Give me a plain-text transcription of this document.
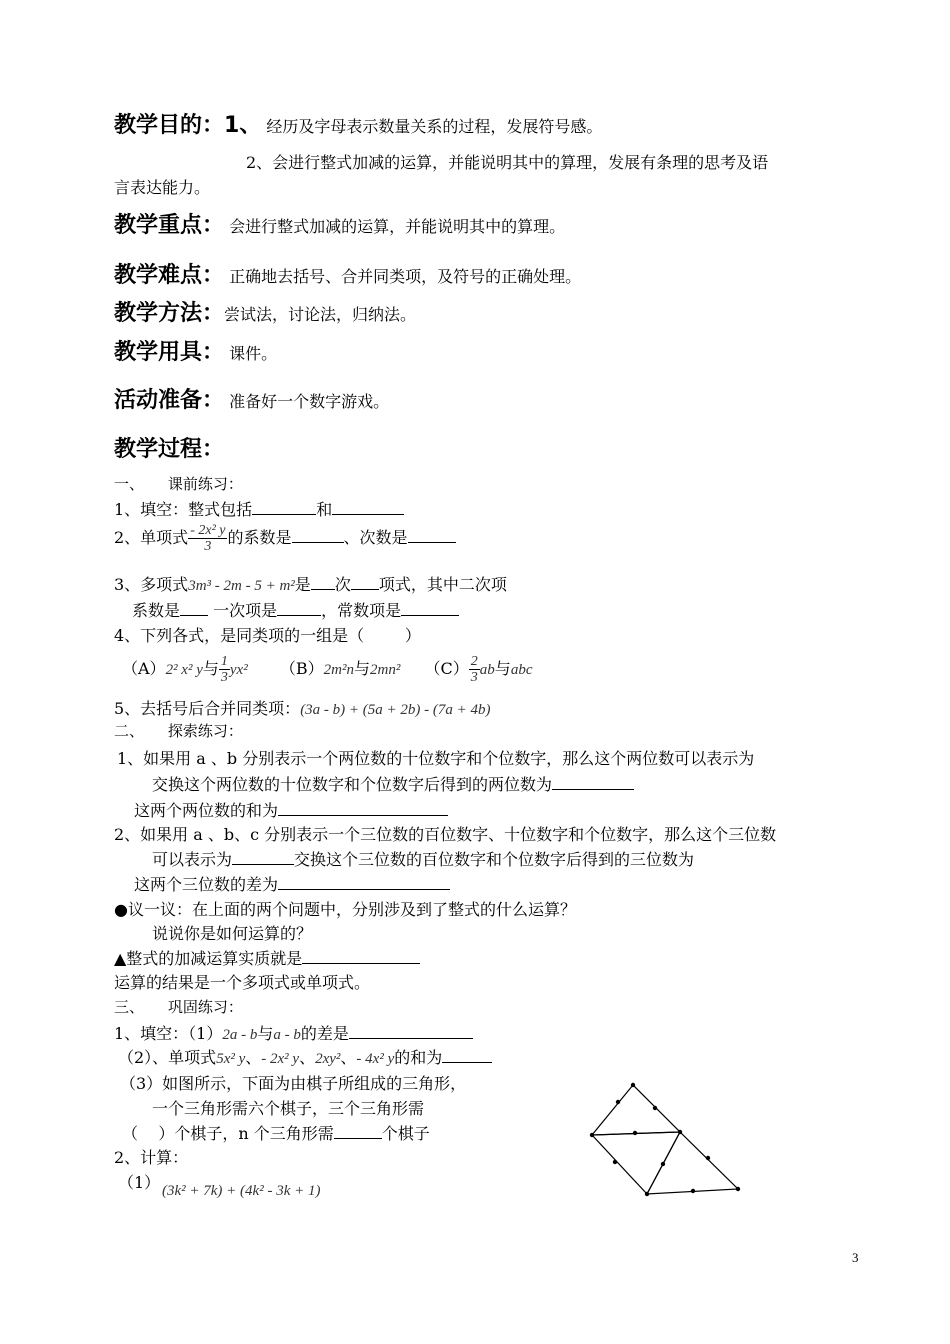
教学目的：1、 经历及字母表示数量关系的过程，发展符号感。
2、会进行整式加减的运算，并能说明其中的算理，发展有条理的思考及语
言表达能力。
教学重点： 会进行整式加减的运算，并能说明其中的算理。
教学难点： 正确地去括号、合并同类项，及符号的正确处理。
教学方法：尝试法，讨论法，归纳法。
教学用具： 课件。
活动准备： 准备好一个数字游戏。
教学过程：
一、     课前练习：
1、填空：整式包括	和
2、单项式 $\frac{\text{- 2x² y}}{3}$ 的系数是	、次数是
3、多项式3m³ - 2m - 5 + m²是 次 项式，其中二次项
系数是 一次项是	，常数项是
4、下列各式，是同类项的一组是（        ）
（A）2² x² y与 $\frac{1}{3} yx^2$ （B）2m²n与2mn² $(C) \frac{2}{3}$ ab与abc
5、去括号后合并同类项：(3a - b) + (5a + 2b) - (7a + 4b)
二、     探索练习：
1、如果用 a 、b 分别表示一个两位数的十位数字和个位数字，那么这个两位数可以表示为
交换这个两位数的十位数字和个位数字后得到的两位数为
这两个两位数的和为
2、如果用 a 、b、c 分别表示一个三位数的百位数字、十位数字和个位数字，那么这个三位数
可以表示为	交换这个三位数的百位数字和个位数字后得到的三位数为
这两个三位数的差为
●议一议：在上面的两个问题中，分别涉及到了整式的什么运算？
说说你是如何运算的？
▲整式的加减运算实质就是
运算的结果是一个多项式或单项式。
三、     巩固练习：
1、填空：（1）2a - b与a - b的差是
（2）、单项式5x² y、- 2x² y、2xy²、- 4x² y的和为
（3）如图所示，下面为由棋子所组成的三角形，
一个三角形需六个棋子，三个三角形需
（    ）个棋子，n 个三角形需	个棋子
2、计算：
（1） (3k² + 7k) + (4k² - 3k + 1)
3
